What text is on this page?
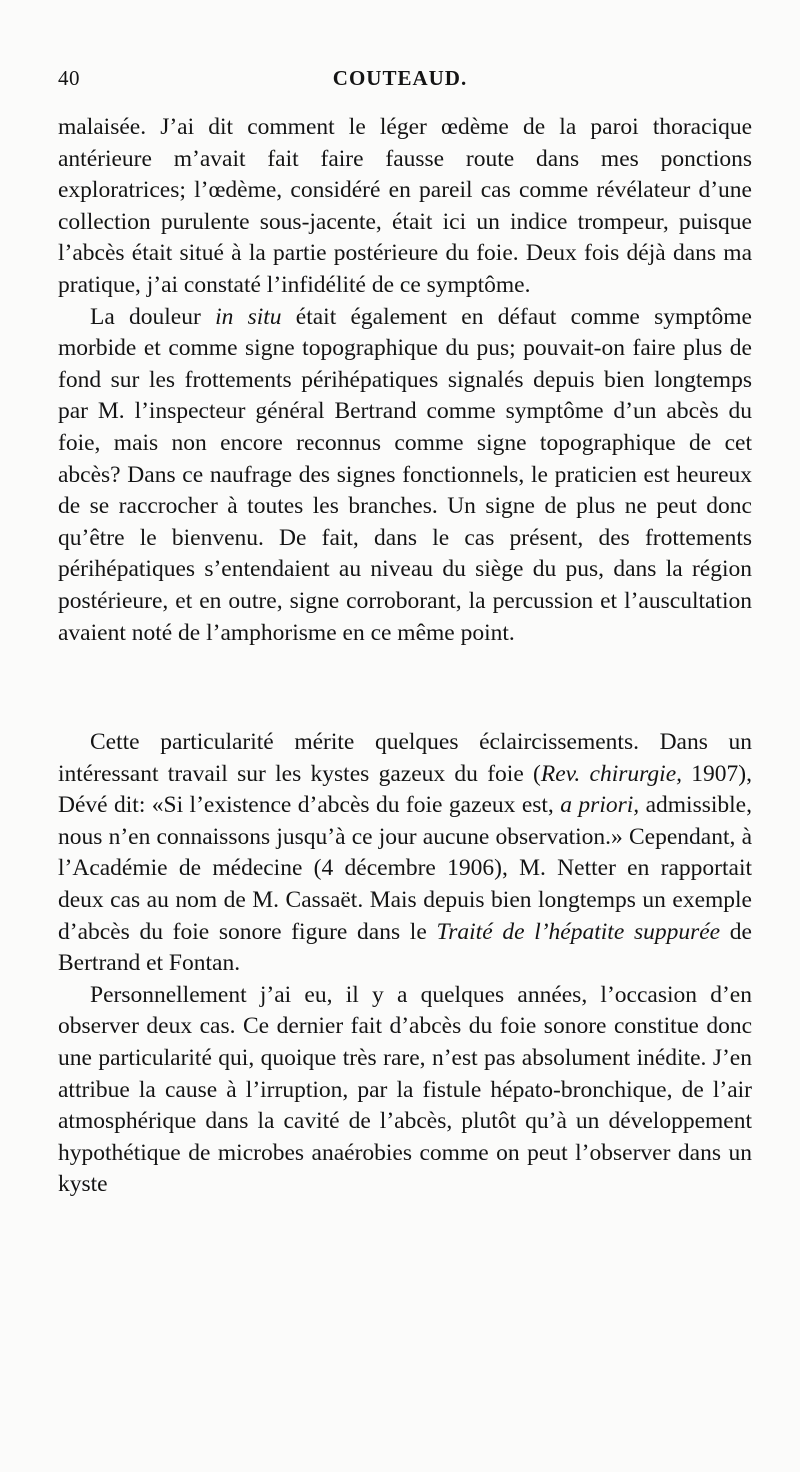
40	COUTEAUD.

malaisée. J’ai dit comment le léger œdème de la paroi thoracique antérieure m’avait fait faire fausse route dans mes ponctions exploratrices; l’œdème, considéré en pareil cas comme révélateur d’une collection purulente sous-jacente, était ici un indice trompeur, puisque l’abcès était situé à la partie postérieure du foie. Deux fois déjà dans ma pratique, j’ai constaté l’infidélité de ce symptôme.

La douleur in situ était également en défaut comme symptôme morbide et comme signe topographique du pus; pouvait-on faire plus de fond sur les frottements périhépatiques signalés depuis bien longtemps par M. l’inspecteur général Bertrand comme symptôme d’un abcès du foie, mais non encore reconnus comme signe topographique de cet abcès? Dans ce naufrage des signes fonctionnels, le praticien est heureux de se raccrocher à toutes les branches. Un signe de plus ne peut donc qu’être le bienvenu. De fait, dans le cas présent, des frottements périhépatiques s’entendaient au niveau du siège du pus, dans la région postérieure, et en outre, signe corroborant, la percussion et l’auscultation avaient noté de l’amphorisme en ce même point.

Cette particularité mérite quelques éclaircissements. Dans un intéressant travail sur les kystes gazeux du foie (Rev. chirurgie, 1907), Dévé dit: «Si l’existence d’abcès du foie gazeux est, a priori, admissible, nous n’en connaissons jusqu’à ce jour aucune observation.» Cependant, à l’Académie de médecine (4 décembre 1906), M. Netter en rapportait deux cas au nom de M. Cassaët. Mais depuis bien longtemps un exemple d’abcès du foie sonore figure dans le Traité de l’hépatite suppurée de Bertrand et Fontan.

Personnellement j’ai eu, il y a quelques années, l’occasion d’en observer deux cas. Ce dernier fait d’abcès du foie sonore constitue donc une particularité qui, quoique très rare, n’est pas absolument inédite. J’en attribue la cause à l’irruption, par la fistule hépato-bronchique, de l’air atmosphérique dans la cavité de l’abcès, plutôt qu’à un développement hypothétique de microbes anaérobies comme on peut l’observer dans un kyste
